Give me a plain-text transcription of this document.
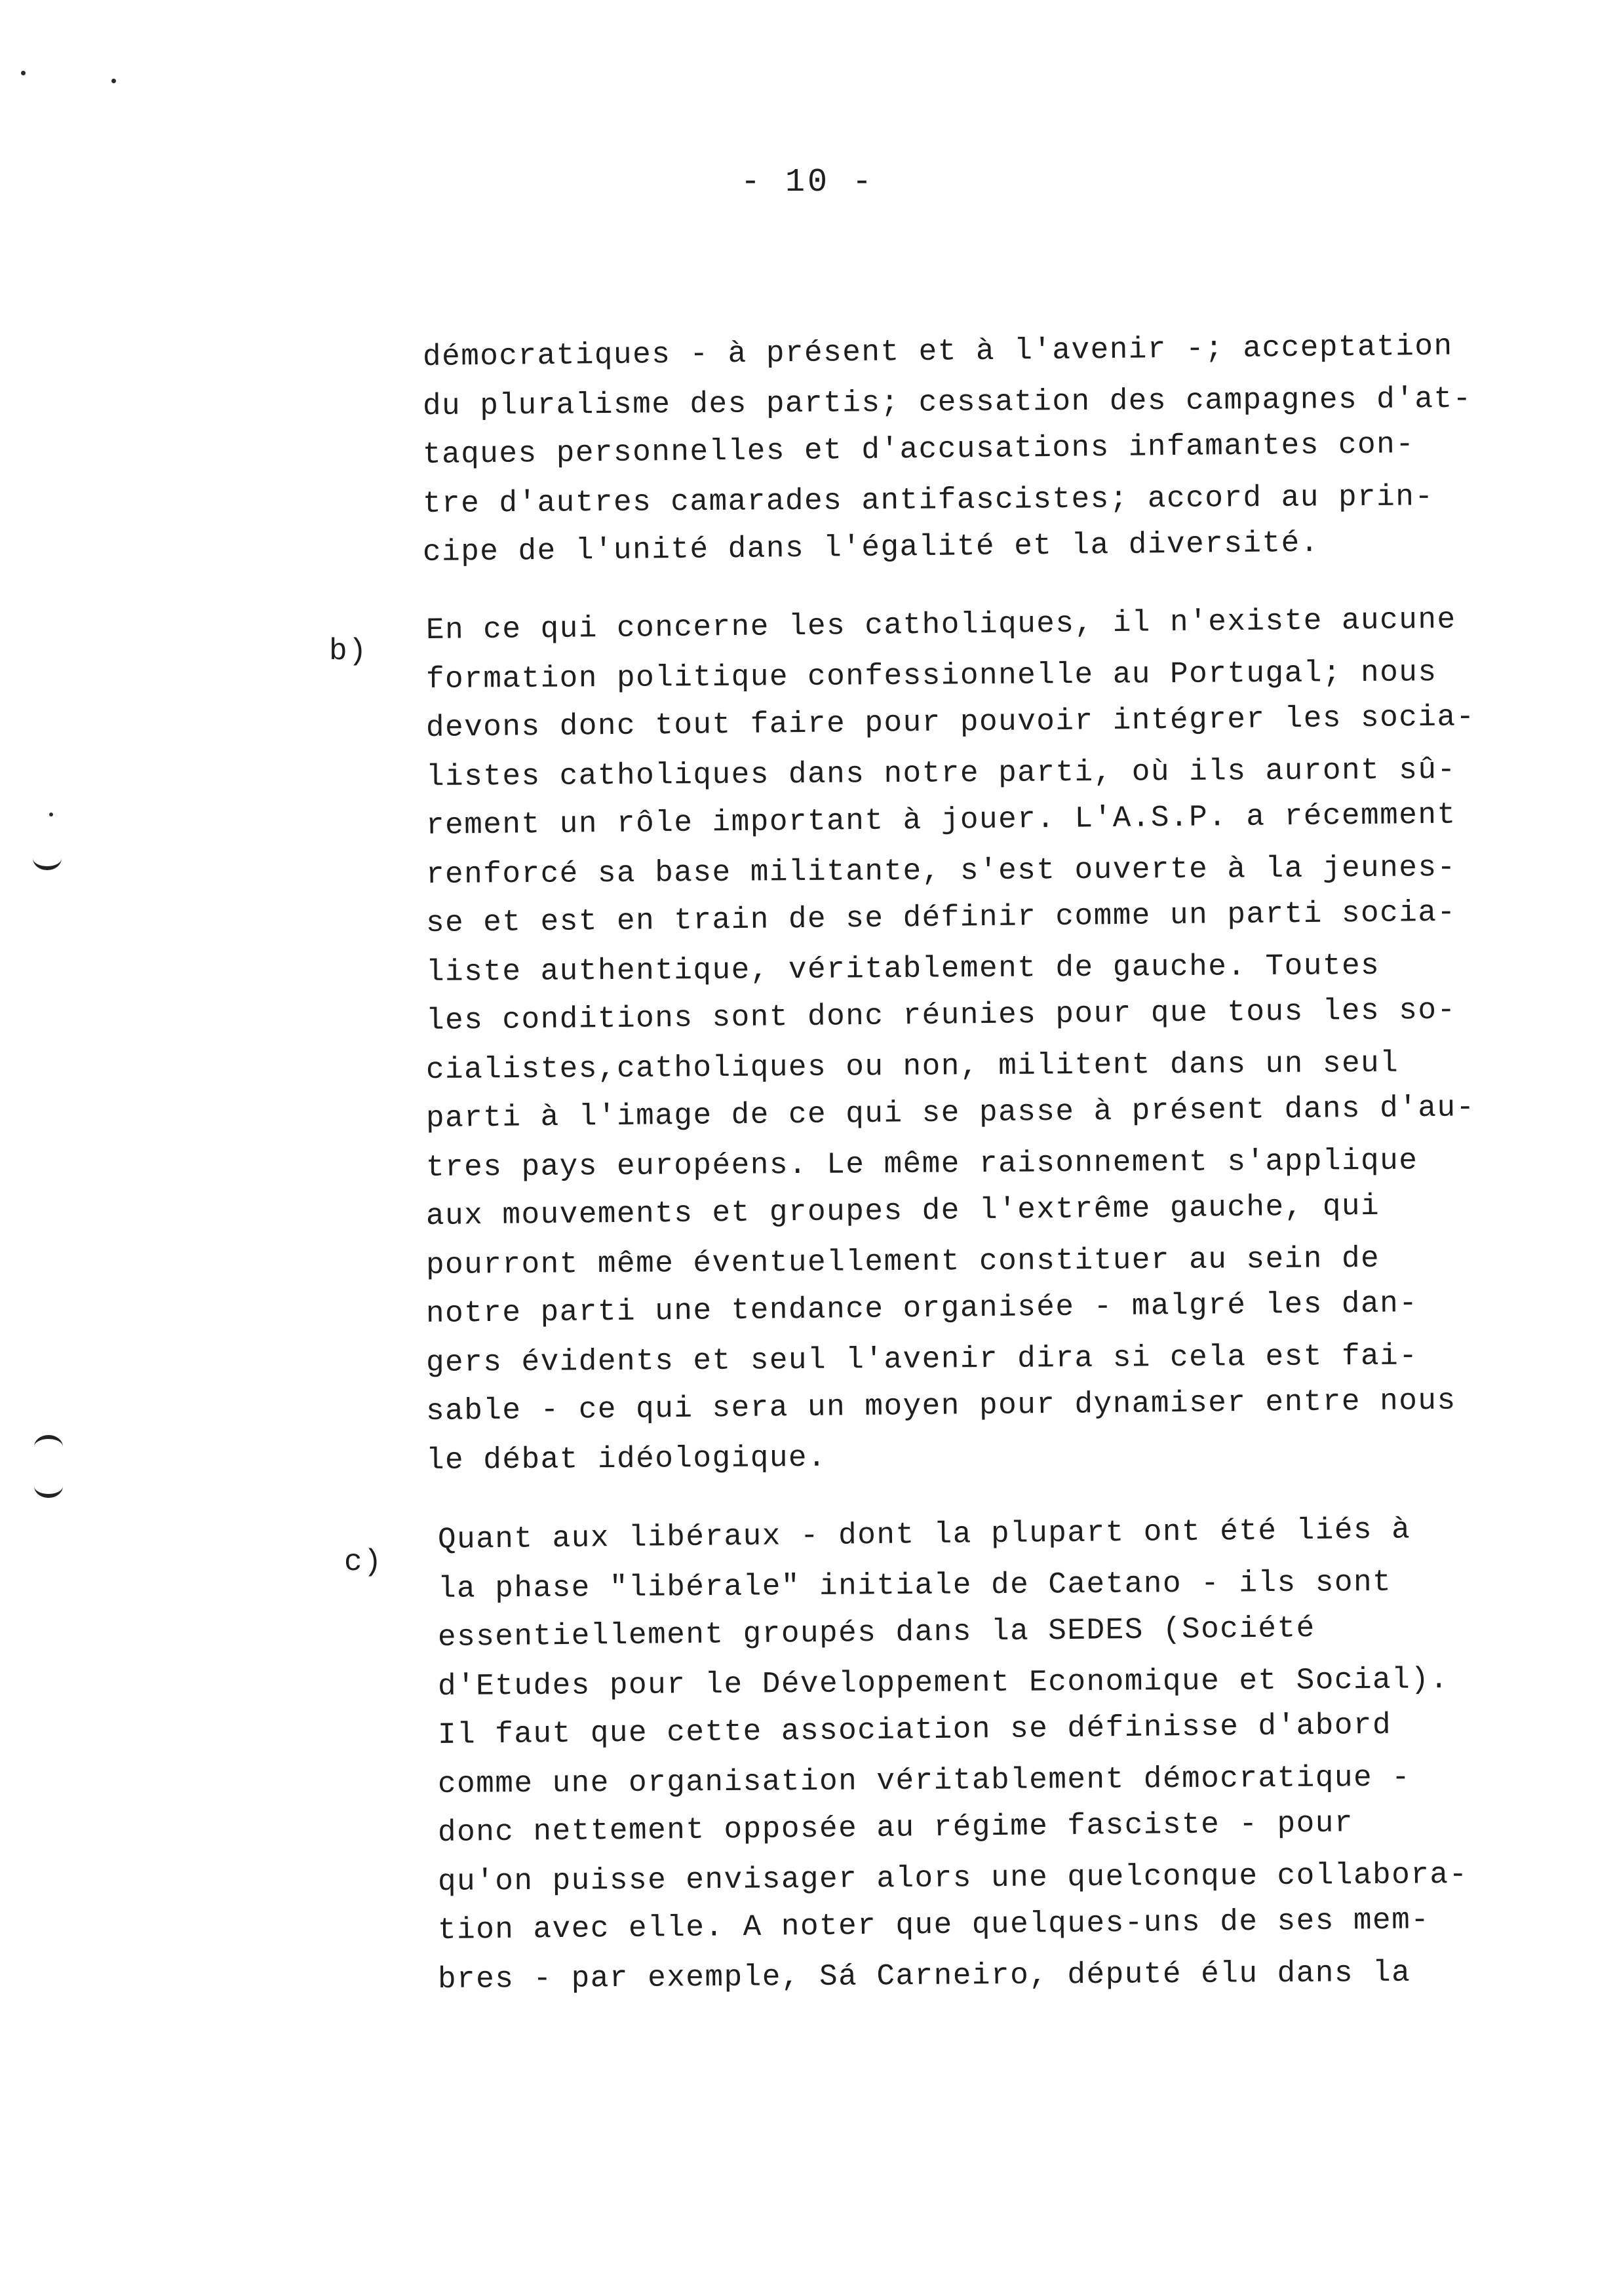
- 10 -
démocratiques - à présent et à l'avenir -; acceptation
du pluralisme des partis; cessation des campagnes d'at-
taques personnelles et d'accusations infamantes con-
tre d'autres camarades antifascistes; accord au prin-
cipe de l'unité dans l'égalité et la diversité.
b)
En ce qui concerne les catholiques, il n'existe aucune
formation politique confessionnelle au Portugal; nous
devons donc tout faire pour pouvoir intégrer les socia-
listes catholiques dans notre parti, où ils auront sû-
rement un rôle important à jouer. L'A.S.P. a récemment
renforcé sa base militante, s'est ouverte à la jeunes-
se et est en train de se définir comme un parti socia-
liste authentique, véritablement de gauche. Toutes
les conditions sont donc réunies pour que tous les so-
cialistes,catholiques ou non, militent dans un seul
parti à l'image de ce qui se passe à présent dans d'au-
tres pays européens. Le même raisonnement s'applique
aux mouvements et groupes de l'extrême gauche, qui
pourront même éventuellement constituer au sein de
notre parti une tendance organisée - malgré les dan-
gers évidents et seul l'avenir dira si cela est fai-
sable - ce qui sera un moyen pour dynamiser entre nous
le débat idéologique.
c)
Quant aux libéraux - dont la plupart ont été liés à
la phase "libérale" initiale de Caetano - ils sont
essentiellement groupés dans la SEDES (Société
d'Etudes pour le Développement Economique et Social).
Il faut que cette association se définisse d'abord
comme une organisation véritablement démocratique -
donc nettement opposée au régime fasciste - pour
qu'on puisse envisager alors une quelconque collabora-
tion avec elle. A noter que quelques-uns de ses mem-
bres - par exemple, Sá Carneiro, député élu dans la
